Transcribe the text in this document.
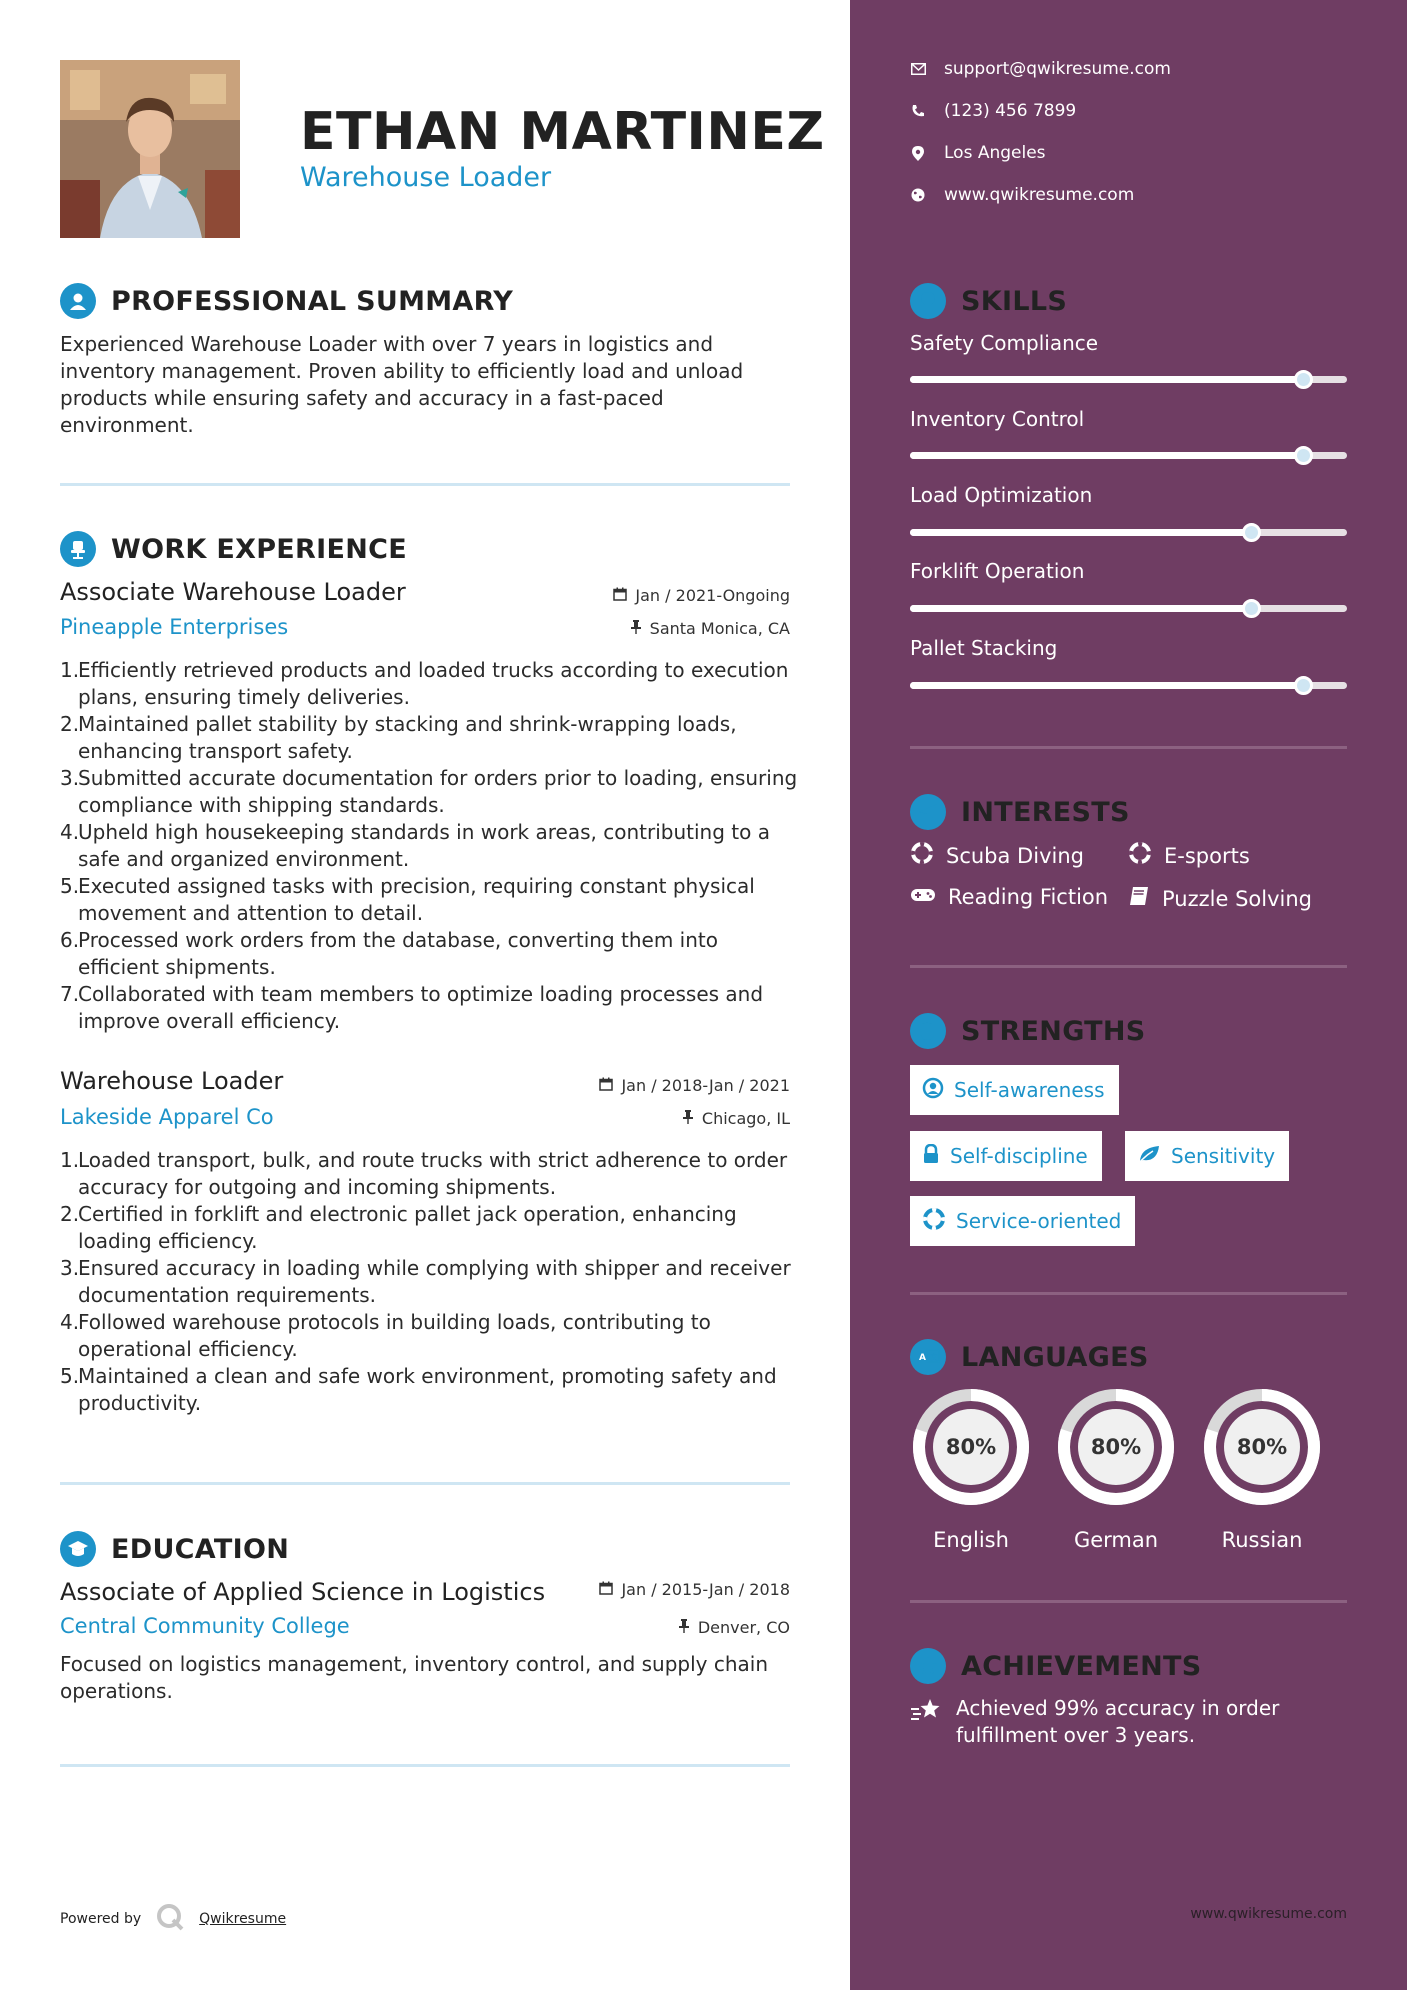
ETHAN MARTINEZ
Warehouse Loader
PROFESSIONAL SUMMARY
Experienced Warehouse Loader with over 7 years in logistics and inventory management. Proven ability to efficiently load and unload products while ensuring safety and accuracy in a fast-paced environment.
WORK EXPERIENCE
Associate Warehouse Loader	Jan / 2021-Ongoing
Pineapple Enterprises	Santa Monica, CA
1.
Efficiently retrieved products and loaded trucks according to execution plans, ensuring timely deliveries.
2.
Maintained pallet stability by stacking and shrink-wrapping loads, enhancing transport safety.
3.
Submitted accurate documentation for orders prior to loading, ensuring compliance with shipping standards.
4.
Upheld high housekeeping standards in work areas, contributing to a safe and organized environment.
5.
Executed assigned tasks with precision, requiring constant physical movement and attention to detail.
6.
Processed work orders from the database, converting them into efficient shipments.
7.
Collaborated with team members to optimize loading processes and improve overall efficiency.
Warehouse Loader	Jan / 2018-Jan / 2021
Lakeside Apparel Co	Chicago, IL
1.
Loaded transport, bulk, and route trucks with strict adherence to order accuracy for outgoing and incoming shipments.
2.
Certified in forklift and electronic pallet jack operation, enhancing loading efficiency.
3.
Ensured accuracy in loading while complying with shipper and receiver documentation requirements.
4.
Followed warehouse protocols in building loads, contributing to operational efficiency.
5.
Maintained a clean and safe work environment, promoting safety and productivity.
EDUCATION
Associate of Applied Science in Logistics	Jan / 2015-Jan / 2018
Central Community College	Denver, CO
Focused on logistics management, inventory control, and supply chain operations.
Powered by	Qwikresume
support@qwikresume.com
(123) 456 7899
Los Angeles
www.qwikresume.com
SKILLS
Safety Compliance
Inventory Control
Load Optimization
Forklift Operation
Pallet Stacking
INTERESTS
Scuba Diving	E-sports
Reading Fiction	Puzzle Solving
STRENGTHS
Self-awareness
Self-discipline	Sensitivity
Service-oriented
A 文 LANGUAGES
80%
English
80%
German
80%
Russian
ACHIEVEMENTS
Achieved 99% accuracy in order fulfillment over 3 years.
www.qwikresume.com
